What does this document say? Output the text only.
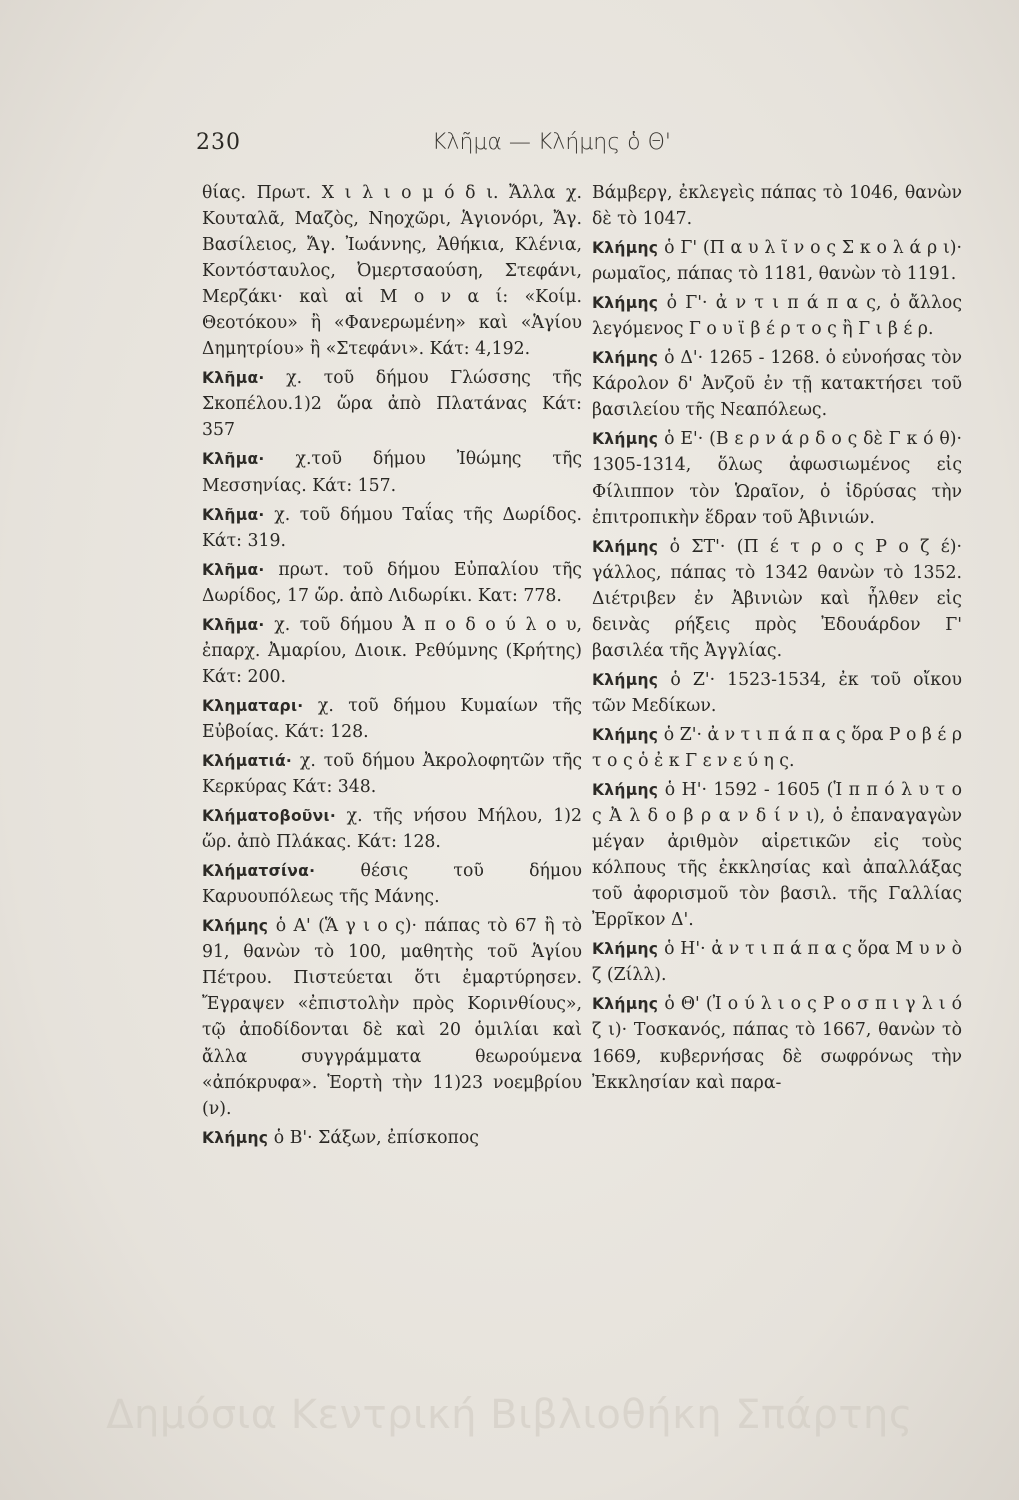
230	Κλῆμα — Κλήμης ὁ Θ'

θίας. Πρωτ. Χ ι λ ι ο μ ό δ ι. Ἄλλα χ. Κουταλᾶ, Μαζὸς, Νηοχῶρι, Ἁγιονόρι, Ἄγ. Βασίλειος, Ἄγ. Ἰωάννης, Ἀθήκια, Κλένια, Κοντόσταυλος, Ὀμερτσαούση, Στεφάνι, Μερζάκι· καὶ αἱ Μ ο ν α ί: «Κοίμ. Θεοτόκου» ἢ «Φανερωμένη» καὶ «Ἁγίου Δημητρίου» ἢ «Στεφάνι». Κάτ: 4,192.

Κλῆμα· χ. τοῦ δήμου Γλώσσης τῆς Σκοπέλου.1)2 ὥρα ἀπὸ Πλατάνας Κάτ: 357

Κλῆμα· χ.τοῦ δήμου Ἰθώμης τῆς Μεσσηνίας. Κάτ: 157.

Κλῆμα· χ. τοῦ δήμου Ταΐας τῆς Δωρίδος. Κάτ: 319.

Κλῆμα· πρωτ. τοῦ δήμου Εὐπαλίου τῆς Δωρίδος, 17 ὥρ. ἀπὸ Λιδωρίκι. Κατ: 778.

Κλῆμα· χ. τοῦ δήμου Ἀ π ο δ ο ύ λ ο υ, ἐπαρχ. Ἀμαρίου, Διοικ. Ρεθύμνης (Κρήτης) Κάτ: 200.

Κληματαρι· χ. τοῦ δήμου Κυμαίων τῆς Εὐβοίας. Κάτ: 128.

Κλήματιά· χ. τοῦ δήμου Ἀκρολοφητῶν τῆς Κερκύρας Κάτ: 348.

Κλήματοβοῦνι· χ. τῆς νήσου Μήλου, 1)2 ὥρ. ἀπὸ Πλάκας. Κάτ: 128.

Κλήματσίνα·	θέσις τοῦ δήμου Καρυουπόλεως τῆς Μάνης.

Κλήμης ὁ Α' (Ἅ γ ι ο ς)· πάπας τὸ 67 ἢ τὸ 91, θανὼν τὸ 100, μαθητὴς τοῦ Ἁγίου Πέτρου. Πιστεύεται ὅτι ἐμαρτύρησεν. Ἔγραψεν «ἐπιστολὴν πρὸς Κορινθίους», τῷ ἀποδίδονται δὲ καὶ 20 ὁμιλίαι καὶ ἄλλα συγγράμματα θεωρούμενα «ἀπόκρυφα». Ἑορτὴ τὴν 11)23 νοεμβρίου (ν).

Κλήμης ὁ Β'· Σάξων, ἐπίσκοπος

Βάμβεργ, ἐκλεγεὶς πάπας τὸ 1046, θανὼν δὲ τὸ 1047.

Κλήμης ὁ Γ' (Π α υ λ ῖ ν ο ς Σ κ ο λ ά ρ ι)· ρωμαῖος, πάπας τὸ 1181, θανὼν τὸ 1191.

Κλήμης ὁ Γ'· ἀ ν τ ι π ά π α ς, ὁ ἄλλος λεγόμενος Γ ο υ ϊ β έ ρ τ ο ς ἢ Γ ι β έ ρ.

Κλήμης ὁ Δ'· 1265 - 1268. ὁ εὐνοήσας τὸν Κάρολον δ' Ἀνζοῦ ἐν τῇ κατακτήσει τοῦ βασιλείου τῆς Νεαπόλεως.

Κλήμης ὁ Ε'· (Β ε ρ ν ά ρ δ ο ς δὲ Γ κ ό θ)· 1305-1314, ὅλως ἀφωσιωμένος εἰς Φίλιππον τὸν Ὡραῖον, ὁ ἱδρύσας τὴν ἐπιτροπικὴν ἕδραν τοῦ Ἀβινιών.

Κλήμης ὁ ΣΤ'· (Π έ τ ρ ο ς Ρ ο ζ έ)· γάλλος, πάπας τὸ 1342 θανὼν τὸ 1352. Διέτριβεν ἐν Ἀβινιὼν καὶ ἦλθεν εἰς δεινὰς ρήξεις πρὸς Ἐδουάρδον Γ' βασιλέα τῆς Ἀγγλίας.

Κλήμης ὁ Ζ'· 1523-1534, ἐκ τοῦ οἴκου τῶν Μεδίκων.

Κλήμης ὁ Ζ'· ἀ ν τ ι π ά π α ς ὅρα Ρ ο β έ ρ τ ο ς ὁ ἐ κ Γ ε ν ε ύ η ς.

Κλήμης ὁ Η'· 1592 - 1605 (Ἱ π π ό λ υ τ ο ς Ἀ λ δ ο β ρ α ν δ ί ν ι), ὁ ἐπαναγαγὼν μέγαν ἀριθμὸν αἱρετικῶν εἰς τοὺς κόλπους τῆς ἐκκλησίας καὶ ἀπαλλάξας τοῦ ἀφορισμοῦ τὸν βασιλ. τῆς Γαλλίας Ἐρρῖκον Δ'.

Κλήμης ὁ Η'· ἀ ν τ ι π ά π α ς ὅρα Μ υ ν ὸ ζ (Ζίλλ).

Κλήμης ὁ Θ' (Ἰ ο ύ λ ι ο ς Ρ ο σ π ι γ λ ι ό ζ ι)· Τοσκανός, πάπας τὸ 1667, θανὼν τὸ 1669, κυβερνήσας δὲ σωφρόνως τὴν Ἐκκλησίαν καὶ παρα-

Δημόσια Κεντρική Βιβλιοθήκη Σπάρτης
